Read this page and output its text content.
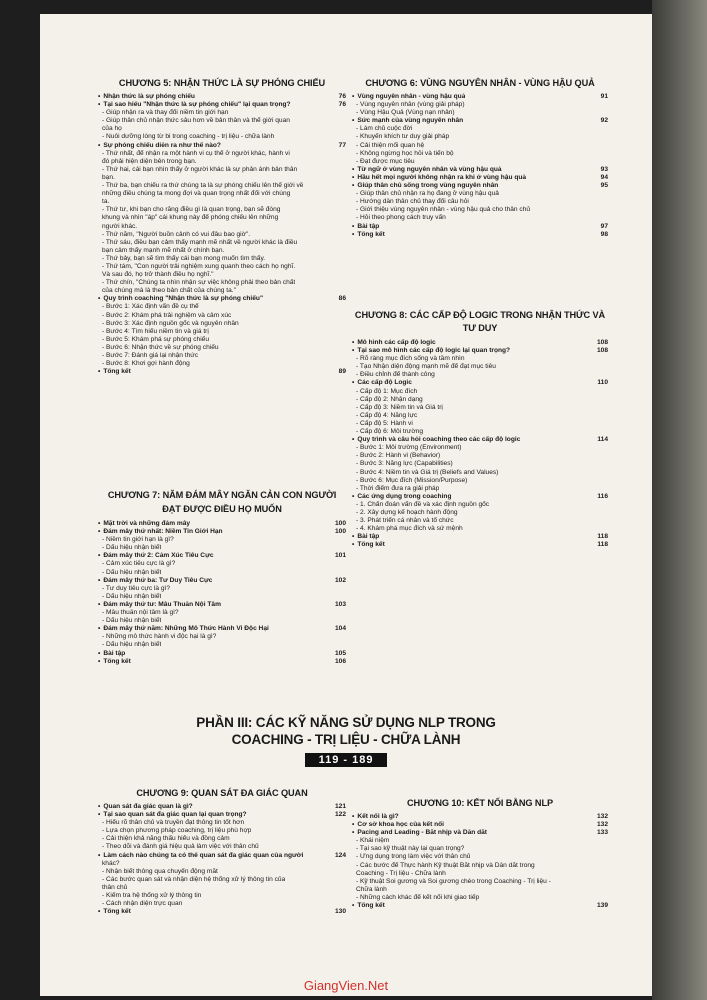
CHƯƠNG 5: NHẬN THỨC LÀ SỰ PHÓNG CHIẾU
• Nhận thức là sự phóng chiếu	76
• Tại sao hiểu "Nhận thức là sự phóng chiếu" lại quan trọng?	76
- Giúp nhận ra và thay đổi niềm tin giới hạn
- Giúp thân chủ nhận thức sâu hơn về bản thân và thế giới quan
của họ
- Nuôi dưỡng lòng từ bi trong coaching - trị liệu - chữa lành
• Sự phóng chiếu diễn ra như thế nào?	77
- Thứ nhất, để nhận ra một hành vi cụ thể ở người khác, hành vi
đó phải hiện diện bên trong bạn.
- Thứ hai, cái bạn nhìn thấy ở người khác là sự phản ánh bản thân
bạn.
- Thứ ba, bạn chiếu ra thứ chúng ta là sự phóng chiếu lên thế giới về
những điều chúng ta mong đợi và quan trọng nhất đối với chúng
ta.
- Thứ tư, khi bạn cho rằng điều gì là quan trọng, bạn sẽ đóng
khung và nhìn "áp" cái khung này để phóng chiếu lên những
người khác.
- Thứ năm, "Người buồn cảnh có vui đâu bao giờ".
- Thứ sáu, điều bạn cảm thấy mạnh mẽ nhất về người khác là điều
bạn cảm thấy mạnh mẽ nhất ở chính bạn.
- Thứ bảy, bạn sẽ tìm thấy cái bạn mong muốn tìm thấy.
- Thứ tám, "Con người trải nghiệm xung quanh theo cách họ nghĩ.
Và sau đó, họ trở thành điều họ nghĩ."
- Thứ chín, "Chúng ta nhìn nhận sự việc không phải theo bản chất
của chúng mà là theo bản chất của chúng ta."
• Quy trình coaching "Nhận thức là sự phóng chiếu"	86
- Bước 1: Xác định vấn đề cụ thể
- Bước 2: Khám phá trải nghiệm và cảm xúc
- Bước 3: Xác định nguồn gốc và nguyên nhân
- Bước 4: Tìm hiểu niềm tin và giá trị
- Bước 5: Khám phá sự phóng chiếu
- Bước 6: Nhận thức về sự phóng chiếu
- Bước 7: Đánh giá lại nhận thức
- Bước 8: Khơi gợi hành động
• Tổng kết	89
CHƯƠNG 6: VÙNG NGUYÊN NHÂN - VÙNG HẬU QUẢ
• Vùng nguyên nhân - vùng hậu quả	91
- Vùng nguyên nhân (vùng giải pháp)
- Vùng Hậu Quả (Vùng nạn nhân)
• Sức mạnh của vùng nguyên nhân	92
- Làm chủ cuộc đời
- Khuyến khích tư duy giải pháp
- Cải thiện mối quan hệ
- Không ngừng học hỏi và tiến bộ
- Đạt được mục tiêu
• Từ ngữ ở vùng nguyên nhân và vùng hậu quả	93
• Hầu hết mọi người không nhận ra khi ở vùng hậu quả	94
• Giúp thân chủ sống trong vùng nguyên nhân	95
- Giúp thân chủ nhận ra họ đang ở vùng hậu quả
- Hướng dẫn thân chủ thay đổi câu hỏi
- Giới thiệu vùng nguyên nhân - vùng hậu quả cho thân chủ
- Hỏi theo phong cách truy vấn
• Bài tập	97
• Tổng kết	98
CHƯƠNG 8: CÁC CẤP ĐỘ LOGIC TRONG NHẬN THỨC VÀ TƯ DUY
• Mô hình các cấp độ logic	108
• Tại sao mô hình các cấp độ logic lại quan trọng?	108
- Rõ ràng mục đích sống và tầm nhìn
- Tạo Nhận diện động mạnh mẽ để đạt mục tiêu
- Điều chỉnh để thành công
• Các cấp độ Logic	110
- Cấp độ 1: Mục đích
- Cấp độ 2: Nhận dạng
- Cấp độ 3: Niềm tin và Giá trị
- Cấp độ 4: Năng lực
- Cấp độ 5: Hành vi
- Cấp độ 6: Môi trường
• Quy trình và câu hỏi coaching theo các cấp độ logic	114
- Bước 1: Môi trường (Environment)
- Bước 2: Hành vi (Behavior)
- Bước 3: Năng lực (Capabilities)
- Bước 4: Niềm tin và Giá trị (Beliefs and Values)
- Bước 6: Mục đích (Mission/Purpose)
- Thời điểm đưa ra giải pháp
• Các ứng dụng trong coaching	116
- 1. Chẩn đoán vấn đề và xác định nguồn gốc
- 2. Xây dựng kế hoạch hành động
- 3. Phát triển cá nhân và tổ chức
- 4. Khám phá mục đích và sứ mệnh
• Bài tập	118
• Tổng kết	118
CHƯƠNG 7: NĂM ĐÁM MÂY NGĂN CẢN CON NGƯỜI ĐẠT ĐƯỢC ĐIỀU HỌ MUỐN
• Mặt trời và những đám mây	100
• Đám mây thứ nhất: Niềm Tin Giới Hạn	100
- Niềm tin giới hạn là gì?
- Dấu hiệu nhận biết
• Đám mây thứ 2: Cảm Xúc Tiêu Cực	101
- Cảm xúc tiêu cực là gì?
- Dấu hiệu nhận biết
• Đám mây thứ ba: Tư Duy Tiêu Cực	102
- Tư duy tiêu cực là gì?
- Dấu hiệu nhận biết
• Đám mây thứ tư: Mâu Thuẫn Nội Tâm	103
- Mâu thuẫn nội tâm là gì?
- Dấu hiệu nhận biết
• Đám mây thứ năm: Những Mô Thức Hành Vi Độc Hại	104
- Những mô thức hành vi độc hại là gì?
- Dấu hiệu nhận biết
• Bài tập	105
• Tổng kết	106
PHẦN III: CÁC KỸ NĂNG SỬ DỤNG NLP TRONG
COACHING - TRỊ LIỆU - CHỮA LÀNH
119 - 189
CHƯƠNG 9: QUAN SÁT ĐA GIÁC QUAN
• Quan sát đa giác quan là gì?	121
• Tại sao quan sát đa giác quan lại quan trọng?	122
- Hiểu rõ thân chủ và truyền đạt thông tin tốt hơn
- Lựa chọn phương pháp coaching, trị liệu phù hợp
- Cải thiện khả năng thấu hiểu và đồng cảm
- Theo dõi và đánh giá hiệu quả làm việc với thân chủ
• Làm cách nào chúng ta có thể quan sát đa giác quan của người	124
khác?
- Nhận biết thông qua chuyển động mắt
- Các bước quan sát và nhận diện hệ thống xử lý thông tin của
thân chủ
- Kiểm tra hệ thống xử lý thông tin
- Cách nhận diện trực quan
• Tổng kết	130
CHƯƠNG 10: KẾT NỐI BẰNG NLP
• Kết nối là gì?	132
• Cơ sở khoa học của kết nối	132
• Pacing and Leading - Bắt nhịp và Dẫn dắt	133
- Khái niệm
- Tại sao kỹ thuật này lại quan trọng?
- Ứng dụng trong làm việc với thân chủ
- Các bước để Thực hành Kỹ thuật Bắt nhịp và Dẫn dắt trong
Coaching - Trị liệu - Chữa lành
- Kỹ thuật Soi gương và Soi gương chéo trong Coaching - Trị liệu -
Chữa lành
- Những cách khác để kết nối khi giao tiếp
• Tổng kết	139
GiangVien.Net
